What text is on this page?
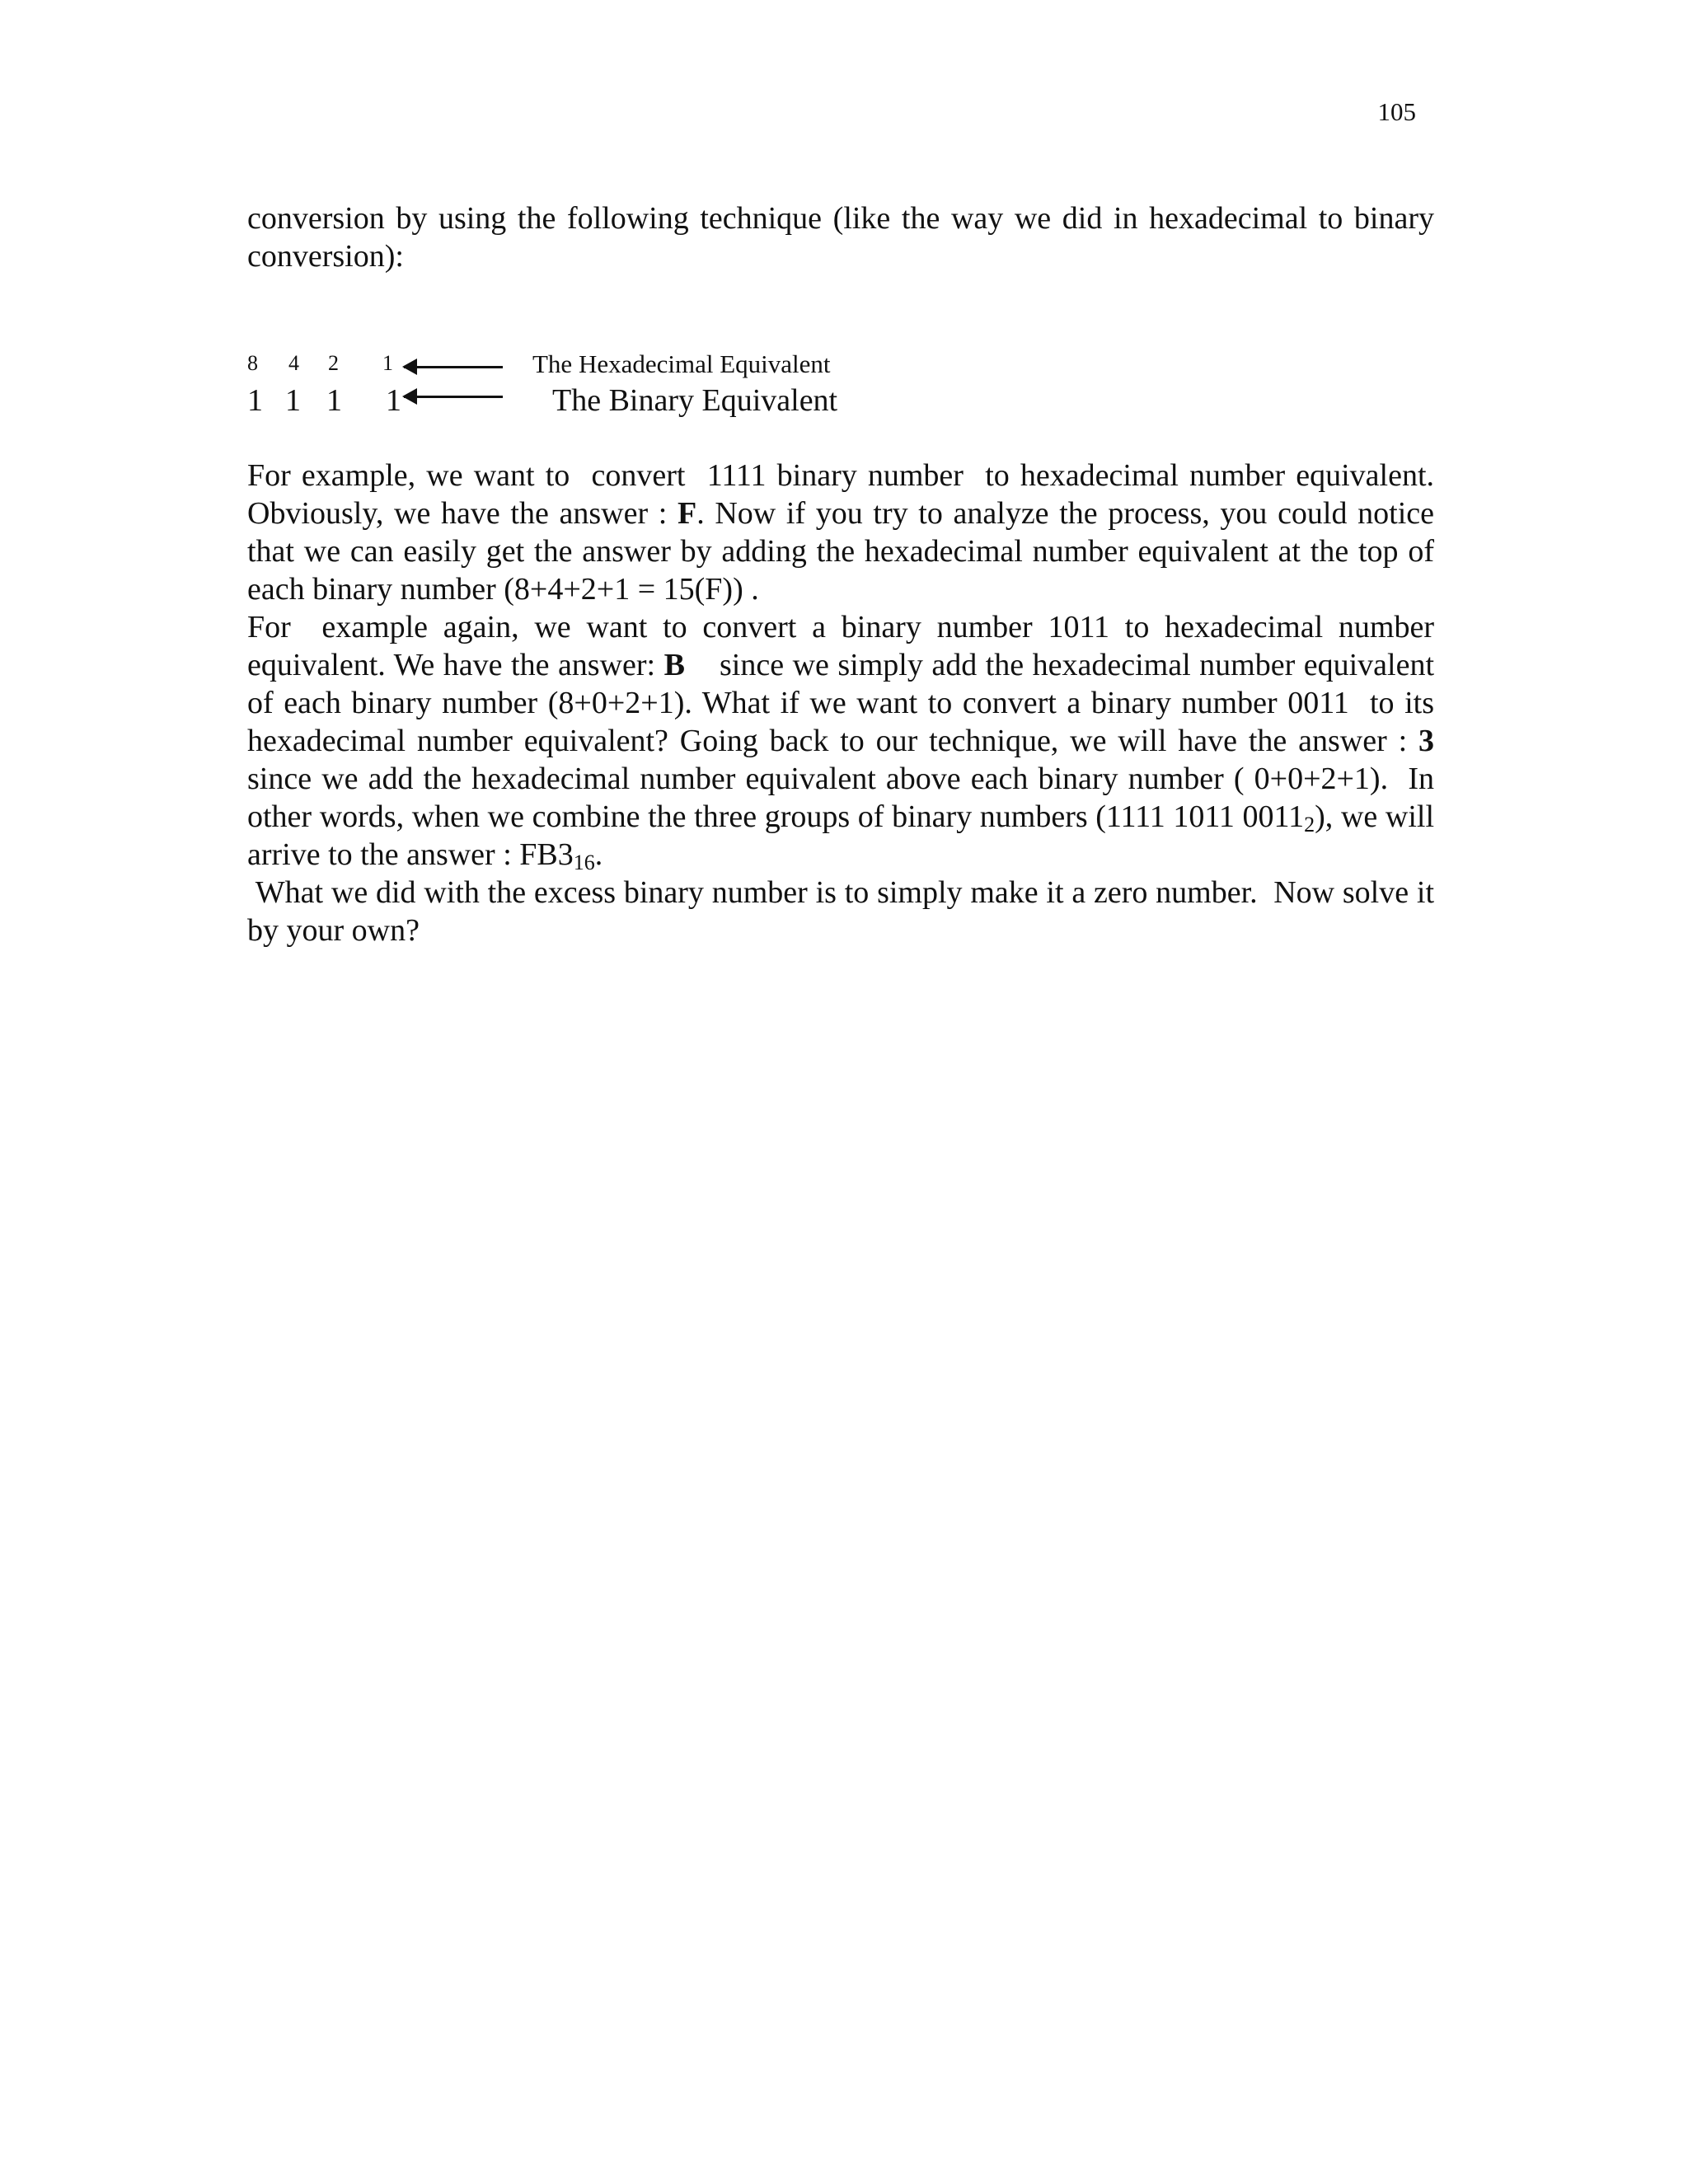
105

conversion by using the following technique (like the way we did in hexadecimal to binary conversion):

8 4 2 1	The Hexadecimal Equivalent
1 1 1 1	The Binary Equivalent

For example, we want to  convert  1111 binary number  to hexadecimal number equivalent. Obviously, we have the answer : F. Now if you try to analyze the process, you could notice that we can easily get the answer by adding the hexadecimal number equivalent at the top of each binary number (8+4+2+1 = 15(F)) .

For  example again, we want to convert a binary number 1011 to hexadecimal number equivalent. We have the answer: B    since we simply add the hexadecimal number equivalent of each binary number (8+0+2+1). What if we want to convert a binary number 0011  to its hexadecimal number equivalent? Going back to our technique, we will have the answer : 3  since we add the hexadecimal number equivalent above each binary number ( 0+0+2+1).  In other words, when we combine the three groups of binary numbers (1111 1011 $0011_2$), we will  arrive to the answer : $FB3_{16}$.

What we did with the excess binary number is to simply make it a zero number.  Now solve it by your own?
